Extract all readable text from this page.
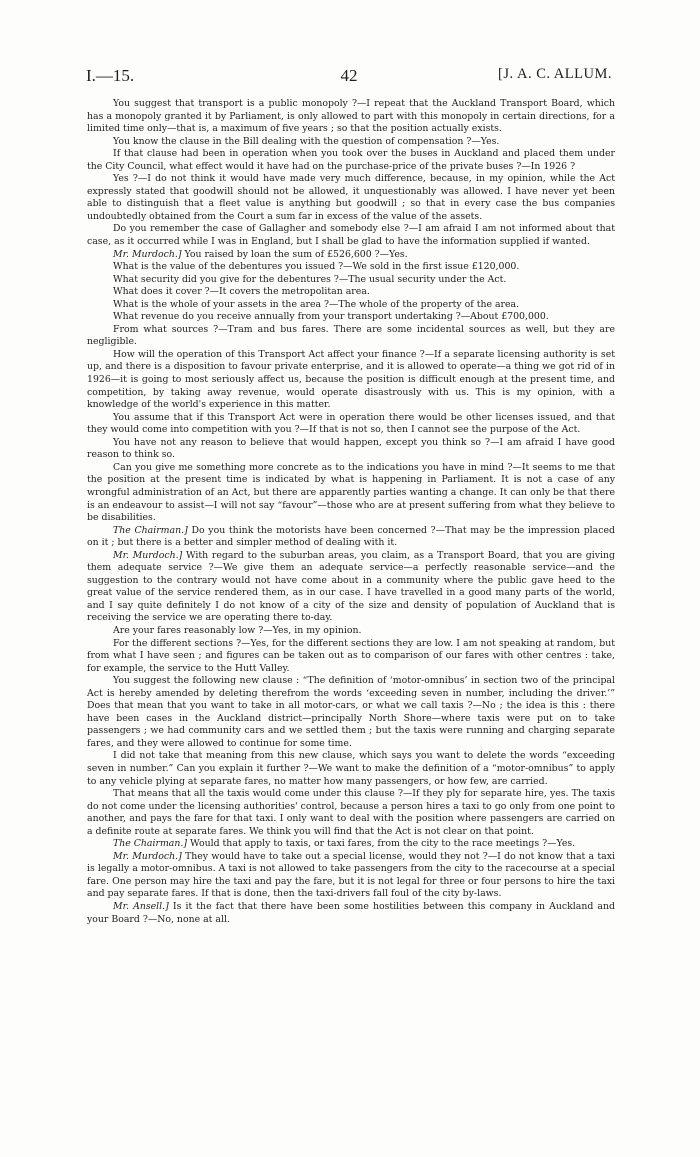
I.—15.	42	[J. A. C. ALLUM.

You suggest that transport is a public monopoly ?—I repeat that the Auckland Transport Board, which has a monopoly granted it by Parliament, is only allowed to part with this monopoly in certain directions, for a limited time only—that is, a maximum of five years ; so that the position actually exists.

You know the clause in the Bill dealing with the question of compensation ?—Yes.

If that clause had been in operation when you took over the buses in Auckland and placed them under the City Council, what effect would it have had on the purchase-price of the private buses ?—In 1926 ?

Yes ?—I do not think it would have made very much difference, because, in my opinion, while the Act expressly stated that goodwill should not be allowed, it unquestionably was allowed. I have never yet been able to distinguish that a fleet value is anything but goodwill ; so that in every case the bus companies undoubtedly obtained from the Court a sum far in excess of the value of the assets.

Do you remember the case of Gallagher and somebody else ?—I am afraid I am not informed about that case, as it occurred while I was in England, but I shall be glad to have the information supplied if wanted.

Mr. Murdoch.] You raised by loan the sum of £526,600 ?—Yes.

What is the value of the debentures you issued ?—We sold in the first issue £120,000.

What security did you give for the debentures ?—The usual security under the Act.

What does it cover ?—It covers the metropolitan area.

What is the whole of your assets in the area ?—The whole of the property of the area.

What revenue do you receive annually from your transport undertaking ?—About £700,000.

From what sources ?—Tram and bus fares. There are some incidental sources as well, but they are negligible.

How will the operation of this Transport Act affect your finance ?—If a separate licensing authority is set up, and there is a disposition to favour private enterprise, and it is allowed to operate—a thing we got rid of in 1926—it is going to most seriously affect us, because the position is difficult enough at the present time, and competition, by taking away revenue, would operate disastrously with us. This is my opinion, with a knowledge of the world's experience in this matter.

You assume that if this Transport Act were in operation there would be other licenses issued, and that they would come into competition with you ?—If that is not so, then I cannot see the purpose of the Act.

You have not any reason to believe that would happen, except you think so ?—I am afraid I have good reason to think so.

Can you give me something more concrete as to the indications you have in mind ?—It seems to me that the position at the present time is indicated by what is happening in Parliament. It is not a case of any wrongful administration of an Act, but there are apparently parties wanting a change. It can only be that there is an endeavour to assist—I will not say “favour”—those who are at present suffering from what they believe to be disabilities.

The Chairman.] Do you think the motorists have been concerned ?—That may be the impression placed on it ; but there is a better and simpler method of dealing with it.

Mr. Murdoch.] With regard to the suburban areas, you claim, as a Transport Board, that you are giving them adequate service ?—We give them an adequate service—a perfectly reasonable service—and the suggestion to the contrary would not have come about in a community where the public gave heed to the great value of the service rendered them, as in our case. I have travelled in a good many parts of the world, and I say quite definitely I do not know of a city of the size and density of population of Auckland that is receiving the service we are operating there to-day.

Are your fares reasonably low ?—Yes, in my opinion.

For the different sections ?—Yes, for the different sections they are low. I am not speaking at random, but from what I have seen ; and figures can be taken out as to comparison of our fares with other centres : take, for example, the service to the Hutt Valley.

You suggest the following new clause : “The definition of ‘motor-omnibus’ in section two of the principal Act is hereby amended by deleting therefrom the words ‘exceeding seven in number, including the driver.’” Does that mean that you want to take in all motor-cars, or what we call taxis ?—No ; the idea is this : there have been cases in the Auckland district—principally North Shore—where taxis were put on to take passengers ; we had community cars and we settled them ; but the taxis were running and charging separate fares, and they were allowed to continue for some time.

I did not take that meaning from this new clause, which says you want to delete the words “exceeding seven in number.” Can you explain it further ?—We want to make the definition of a “motor-omnibus” to apply to any vehicle plying at separate fares, no matter how many passengers, or how few, are carried.

That means that all the taxis would come under this clause ?—If they ply for separate hire, yes. The taxis do not come under the licensing authorities' control, because a person hires a taxi to go only from one point to another, and pays the fare for that taxi. I only want to deal with the position where passengers are carried on a definite route at separate fares. We think you will find that the Act is not clear on that point.

The Chairman.] Would that apply to taxis, or taxi fares, from the city to the race meetings ?—Yes.

Mr. Murdoch.] They would have to take out a special license, would they not ?—I do not know that a taxi is legally a motor-omnibus. A taxi is not allowed to take passengers from the city to the racecourse at a special fare. One person may hire the taxi and pay the fare, but it is not legal for three or four persons to hire the taxi and pay separate fares. If that is done, then the taxi-drivers fall foul of the city by-laws.

Mr. Ansell.] Is it the fact that there have been some hostilities between this company in Auckland and your Board ?—No, none at all.
